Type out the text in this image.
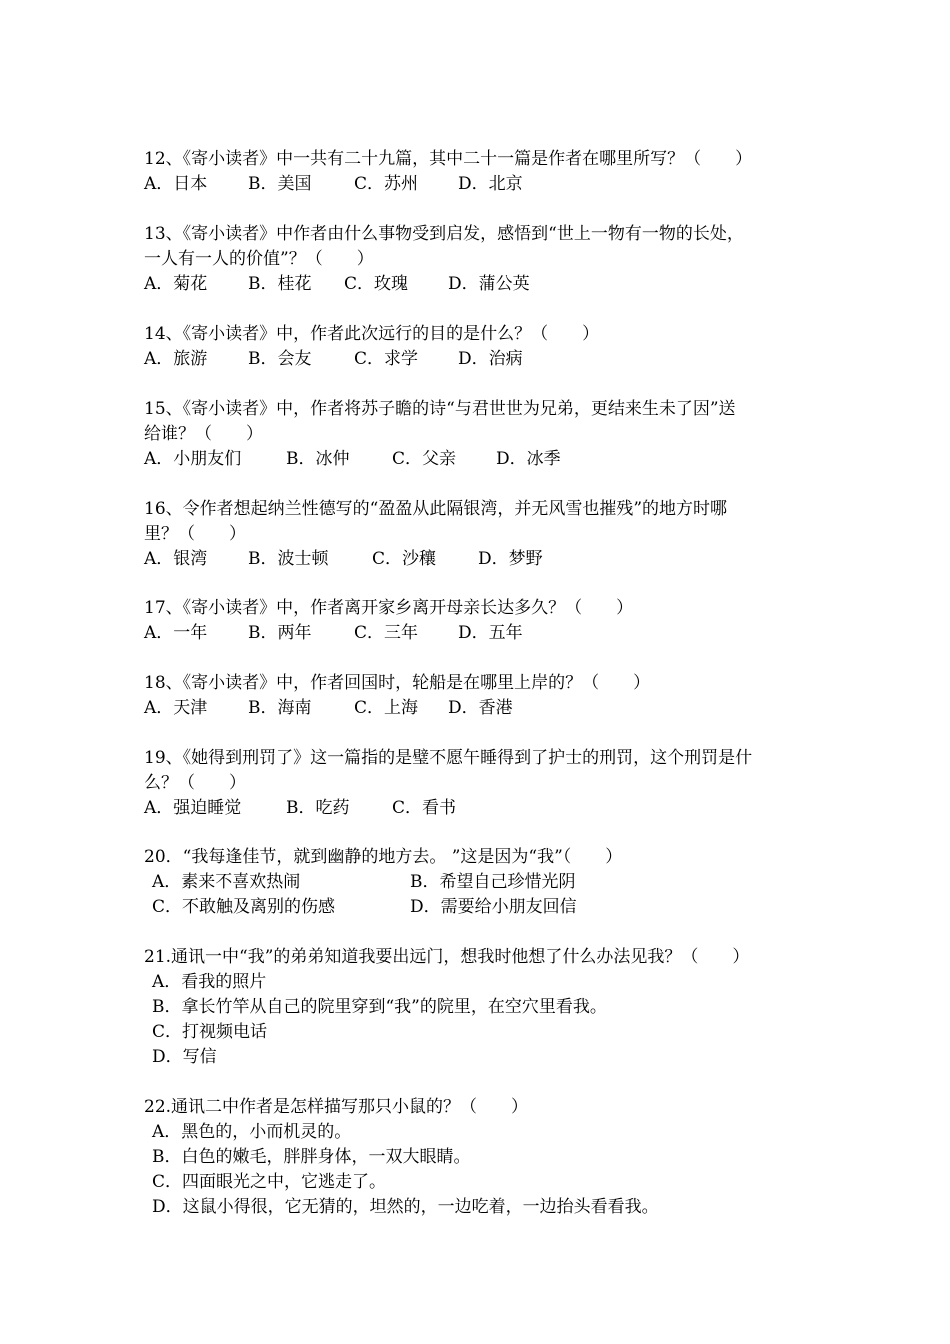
12、《寄小读者》中一共有二十九篇，其中二十一篇是作者在哪里所写？（　　）

A．日本

B．美国

	C．苏州

D．北京

13、《寄小读者》中作者由什么事物受到启发，感悟到“世上一物有一物的长处，
一人有一人的价值”？（　　）

A．菊花

B．桂花

C．玫瑰

D．蒲公英

14、《寄小读者》中，作者此次远行的目的是什么？（　　）

A．旅游

B．会友

	C．求学

D．治病

15、《寄小读者》中，作者将苏子瞻的诗“与君世世为兄弟，更结来生未了因”送
给谁？（　　）

A．小朋友们

	B．冰仲

	C．父亲

D．冰季

16、令作者想起纳兰性德写的“盈盈从此隔银湾，并无风雪也摧残”的地方时哪
里？（　　）

A．银湾

B．波士顿

	C．沙穰

D．梦野

17、《寄小读者》中，作者离开家乡离开母亲长达多久？（　　）

A．一年

B．两年

	C．三年

D．五年

18、《寄小读者》中，作者回国时，轮船是在哪里上岸的？（　　）

A．天津

B．海南

	C．上海

D．香港

19、《她得到刑罚了》这一篇指的是璧不愿午睡得到了护士的刑罚，这个刑罚是什
么？（　　）

A．强迫睡觉

	B．吃药

	C．看书

20．“我每逢佳节，就到幽静的地方去。 ”这是因为“我”（　　）

A．素来不喜欢热闹

	B．希望自己珍惜光阴

C．不敢触及离别的伤感

	D．需要给小朋友回信

21.通讯一中“我”的弟弟知道我要出远门，想我时他想了什么办法见我？（　　）
A．看我的照片
B．拿长竹竿从自己的院里穿到“我”的院里，在空穴里看我。
C．打视频电话
D．写信
22.通讯二中作者是怎样描写那只小鼠的？（　　）
A．黑色的，小而机灵的。
B．白色的嫩毛，胖胖身体，一双大眼睛。
C．四面眼光之中，它逃走了。
D．这鼠小得很，它无猜的，坦然的，一边吃着，一边抬头看看我。
